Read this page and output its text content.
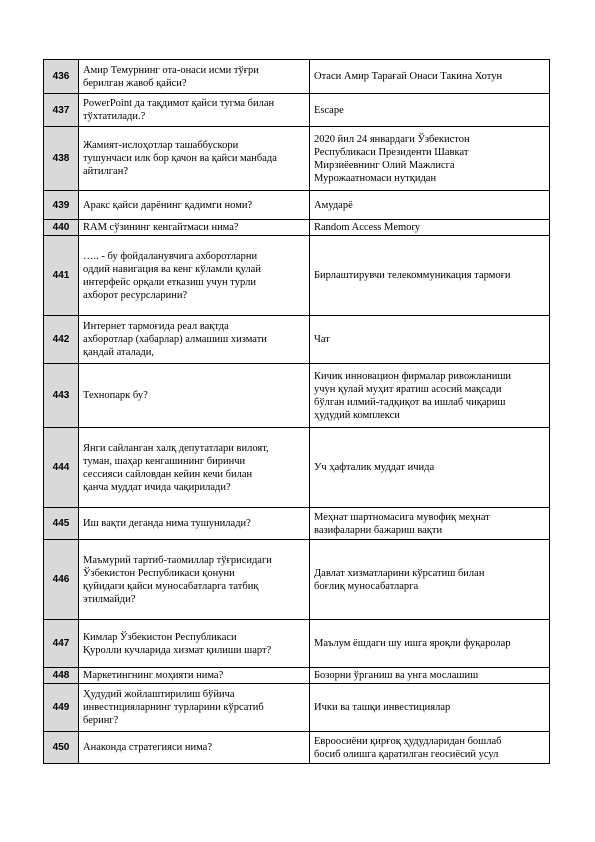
436	Амир Темурнинг ота-онаси исми тўғри
берилган жавоб қайси?	Отаси Амир Тарағай Онаси Такина Хотун
437	PowerPoint да тақдимот қайси тугма билан
тўхтатилади.?	Escape
438	Жамият-ислоҳотлар ташаббускори
тушунчаси илк бор қачон ва қайси манбада
айтилган?	2020 йил 24 январдаги Ўзбекистон
Республикаси Президенти Шавкат
Мирзиёевнинг Олий Мажлисга
Мурожаатномаси нутқидан
439	Аракс қайси дарёнинг қадимги номи?	Амударё
440	RAM сўзининг кенгайтмаси нима?	Random Access Memory
441	….. - бу фойдаланувчига ахборотларни
оддий навигация ва кенг кўламли қулай
интерфейс орқали етказиш учун турли
ахборот ресурсларини?	Бирлаштирувчи телекоммуникация тармоғи
442	Интернет тармоғида реал вақтда
ахборотлар (хабарлар) алмашиш хизмати
қандай аталади,	Чат
443	Технопарк бу?	Кичик инновацион фирмалар ривожланиши
учун қулай муҳит яратиш асосий мақсади
бўлган илмий-тадқиқот ва ишлаб чиқариш
ҳудудий комплекси
444	Янги сайланган халқ депутатлари вилоят,
туман, шаҳар кенгашининг биринчи
сессияси сайловдан кейин кечи билан
қанча муддат ичида чақирилади?	Уч ҳафталик муддат ичида
445	Иш вақти деганда нима тушунилади?	Меҳнат шартномасига мувофиқ меҳнат
вазифаларни бажариш вақти
446	Маъмурий тартиб-таомиллар тўғрисидаги
Ўзбекистон Республикаси қонуни
қуйидаги қайси муносабатларга татбиқ
этилмайди?	Давлат хизматларини кўрсатиш билан
боғлиқ муносабатларга
447	Кимлар Ўзбекистон Республикаси
Қуролли кучларида хизмат қилиши шарт?	Маълум ёшдаги шу ишга яроқли фуқаролар
448	Маркетингнинг моҳияти нима?	Бозорни ўрганиш ва унга мослашиш
449	Ҳудудий жойлаштирилиш бўйича
инвестицияларнинг турларини кўрсатиб
беринг?	Ички ва ташқи инвестициялар
450	Анаконда стратегияси нима?	Евроосиёни қирғоқ ҳудудларидан бошлаб
босиб олишга қаратилган геосиёсий усул
